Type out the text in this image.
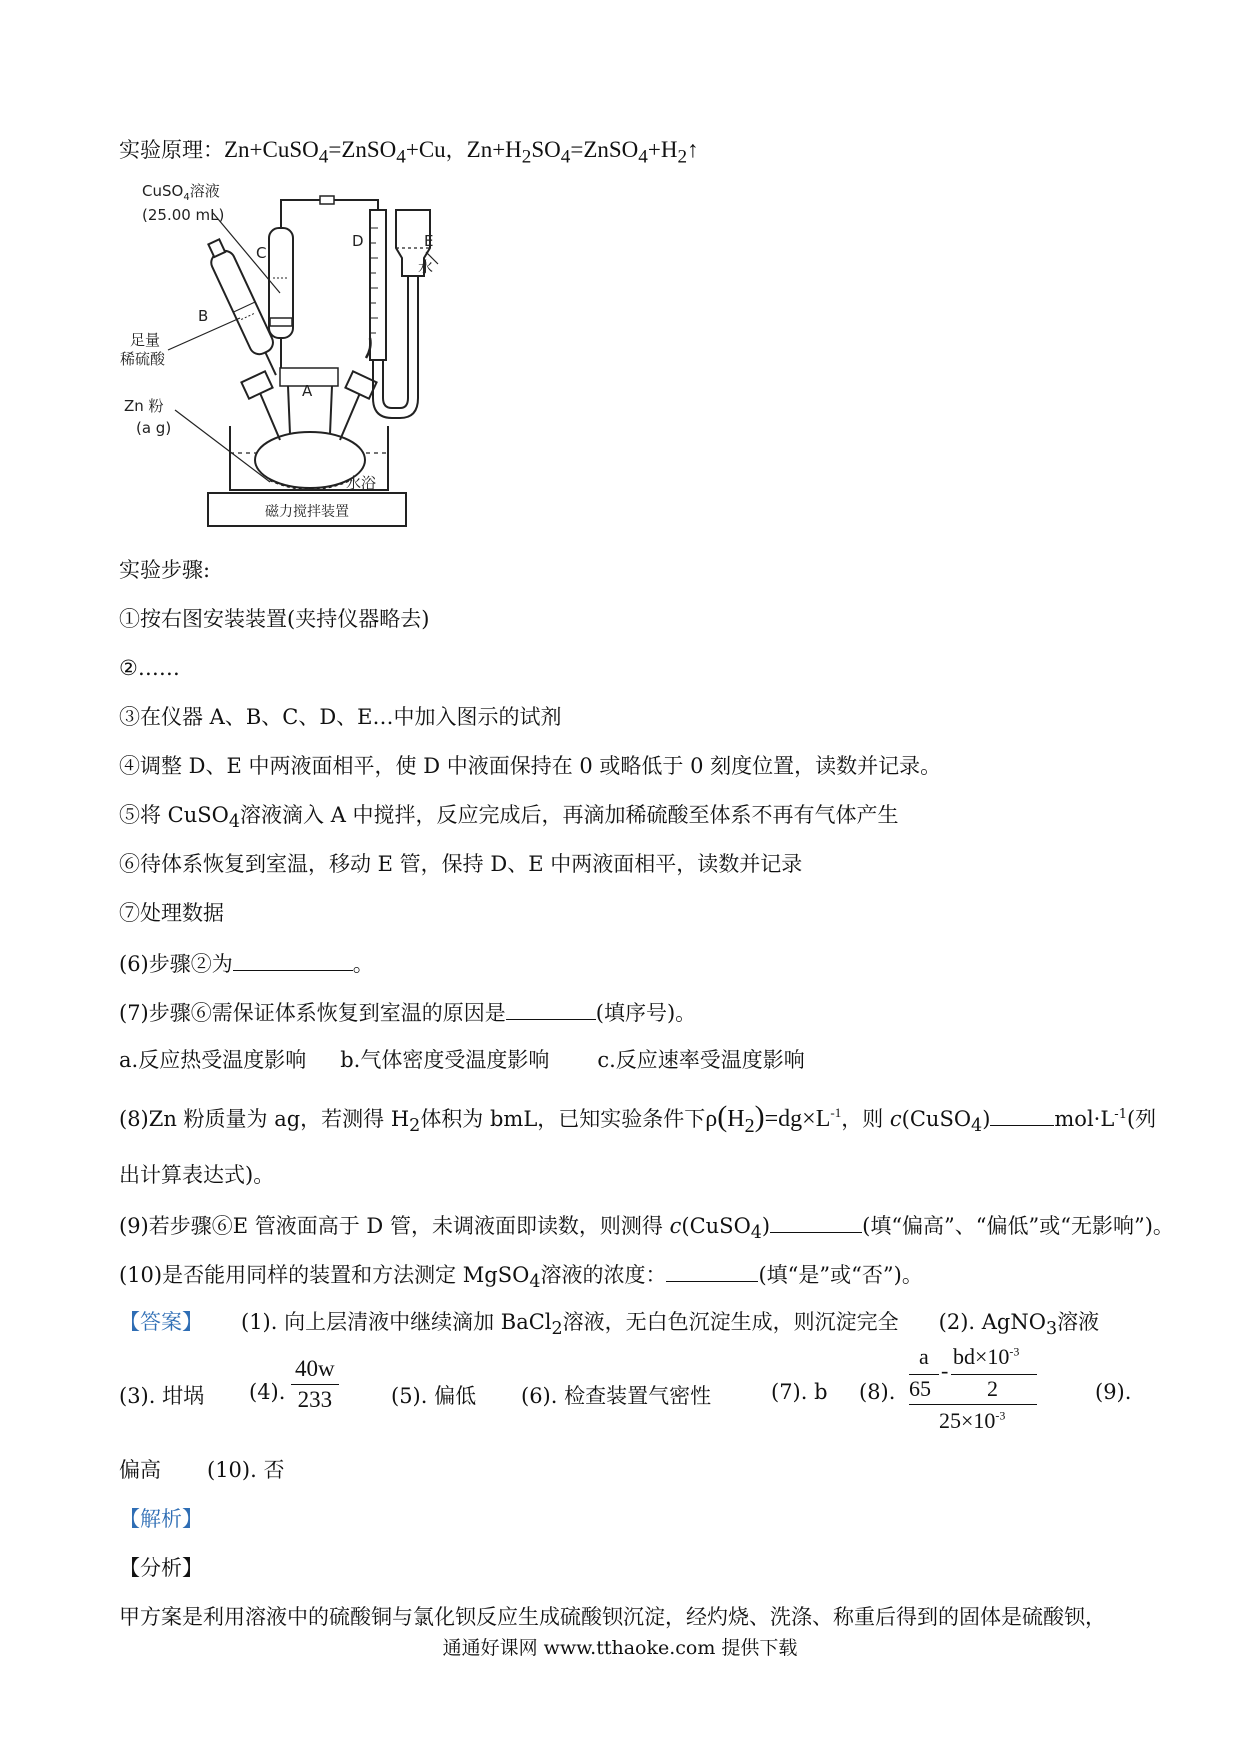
实验原理：Zn+CuSO$_4$=ZnSO$_4$+Cu，$Zn+H_2SO_4=ZnSO_4+H_2↑$
磁力搅拌装置
CuSO$_4$溶液
(25.00 mL)
C
D	E
水
B
足量
稀硫酸
A
Zn 粉
(a g)
水浴
实验步骤:
①按右图安装装置(夹持仪器略去)
②……
③在仪器 A、B、C、D、E…中加入图示的试剂
④调整 D、E 中两液面相平，使 D 中液面保持在 0 或略低于 0 刻度位置，读数并记录。
⑤将 CuSO$_4$溶液滴入 A 中搅拌，反应完成后，再滴加稀硫酸至体系不再有气体产生
⑥待体系恢复到室温，移动 E 管，保持 D、E 中两液面相平，读数并记录
⑦处理数据
(6)步骤②为	。
(7)步骤⑥需保证体系恢复到室温的原因是	(填序号)。
a.反应热受温度影响 b.气体密度受温度影响 c.反应速率受温度影响
(8)Zn 粉质量为 ag，若测得 $H_2$体积为 bmL，已知实验条件下$\rho(H_2)=dg\times L^{-1}$，则 c(CuSO$_4$)	$mol\cdot L^{-1}$(列
出计算表达式)。
(9)若步骤⑥E 管液面高于 D 管，未调液面即读数，则测得 c(CuSO$_4$)	(填“偏高”、“偏低”或“无影响”)。
(10)是否能用同样的装置和方法测定 MgSO$_4$溶液的浓度：	(填“是”或“否”)。
【答案】 (1). 向上层清液中继续滴加 BaCl$_2$溶液，无白色沉淀生成，则沉淀完全 (2). AgNO$_3$溶液
(3). 坩埚 (4). $\frac{40w}{233} (5)$. 偏低 (6). 检查装置气密性	(7). b (8).
a
65
-
$bd\times 10^{-3}$
2
$25\times 10^{-3}$
(9).
偏高 (10). 否
【解析】
【分析】
甲方案是利用溶液中的硫酸铜与氯化钡反应生成硫酸钡沉淀，经灼烧、洗涤、称重后得到的固体是硫酸钡，
通通好课网 www.tthaoke.com 提供下载
